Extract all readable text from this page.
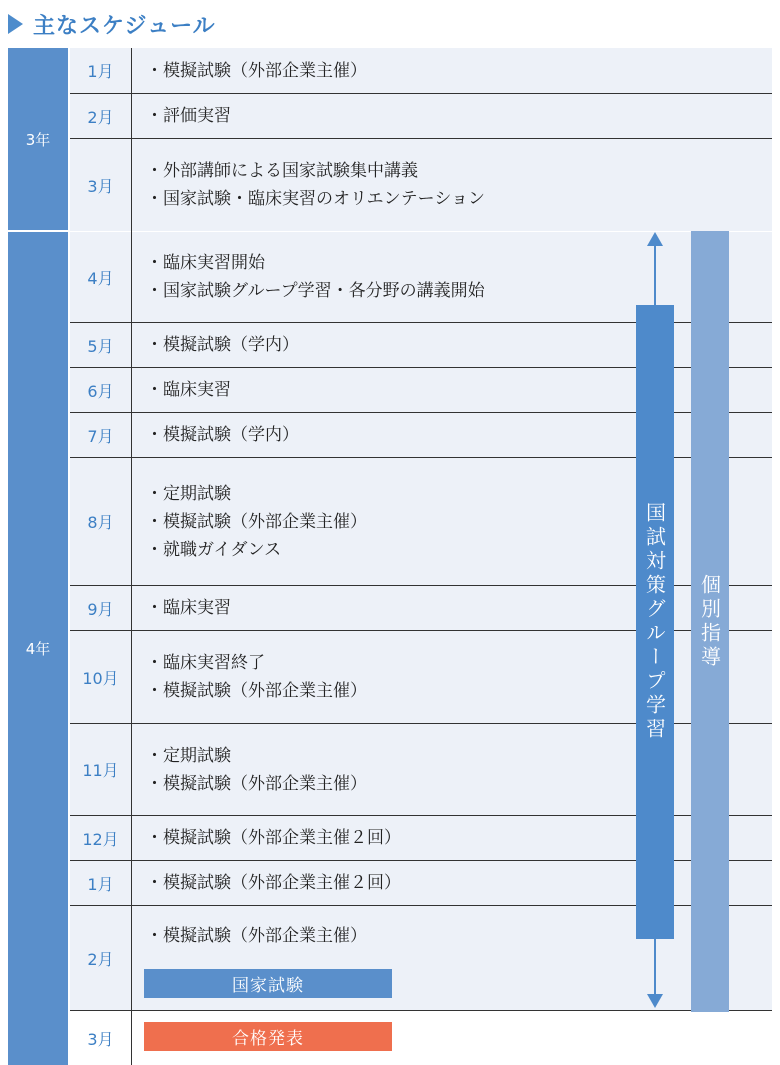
主なスケジュール
3年
4年
1月
2月
3月
4月
5月
6月
7月
8月
9月
10月
11月
12月
1月
2月
3月
・模擬試験（外部企業主催）
・評価実習
・外部講師による国家試験集中講義
・国家試験・臨床実習のオリエンテーション
・臨床実習開始
・国家試験グループ学習・各分野の講義開始
・模擬試験（学内）
・臨床実習
・模擬試験（学内）
・定期試験
・模擬試験（外部企業主催）
・就職ガイダンス
・臨床実習
・臨床実習終了
・模擬試験（外部企業主催）
・定期試験
・模擬試験（外部企業主催）
・模擬試験（外部企業主催２回）
・模擬試験（外部企業主催２回）
・模擬試験（外部企業主催）
国家試験
合格発表
国試対策グループ学習 個別指導
